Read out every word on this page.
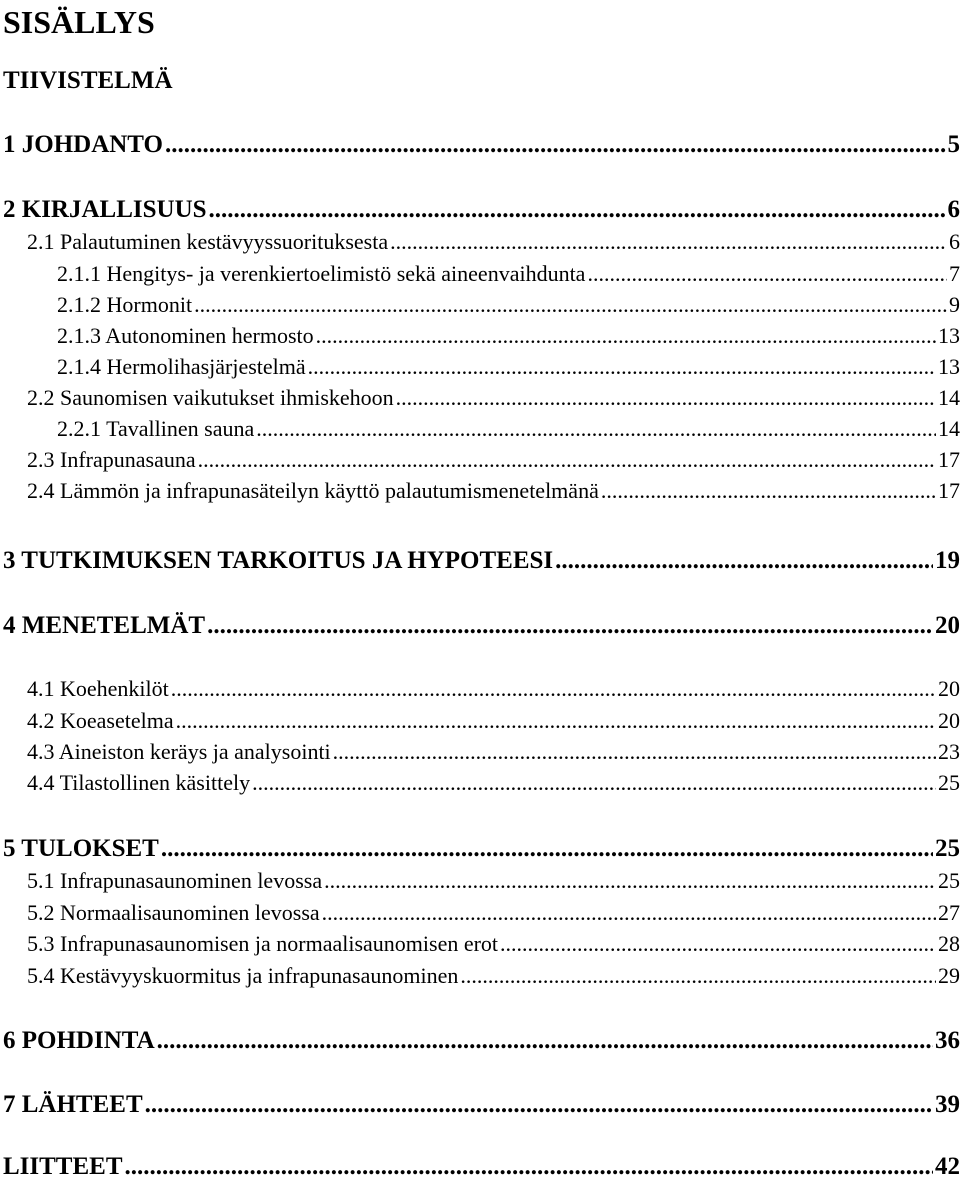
SISÄLLYS
TIIVISTELMÄ
1 JOHDANTO .....	5
2 KIRJALLISUUS .....	6
2.1 Palautuminen kestävyyssuorituksesta .....	6
2.1.1 Hengitys- ja verenkiertoelimistö sekä aineenvaihdunta .....	7
2.1.2 Hormonit .....	9
2.1.3 Autonominen hermosto .....	13
2.1.4 Hermolihasjärjestelmä .....	13
2.2 Saunomisen vaikutukset ihmiskehoon .....	14
2.2.1 Tavallinen sauna .....	14
2.3 Infrapunasauna .....	17
2.4 Lämmön ja infrapunasäteilyn käyttö palautumismenetelmänä .....	17
3 TUTKIMUKSEN TARKOITUS JA HYPOTEESI .....	19
4 MENETELMÄT .....	20
4.1 Koehenkilöt .....	20
4.2 Koeasetelma .....	20
4.3 Aineiston keräys ja analysointi .....	23
4.4 Tilastollinen käsittely .....	25
5 TULOKSET .....	25
5.1 Infrapunasaunominen levossa .....	25
5.2 Normaalisaunominen levossa .....	27
5.3 Infrapunasaunomisen ja normaalisaunomisen erot .....	28
5.4 Kestävyyskuormitus ja infrapunasaunominen .....	29
6 POHDINTA .....	36
7 LÄHTEET .....	39
LIITTEET .....	42
